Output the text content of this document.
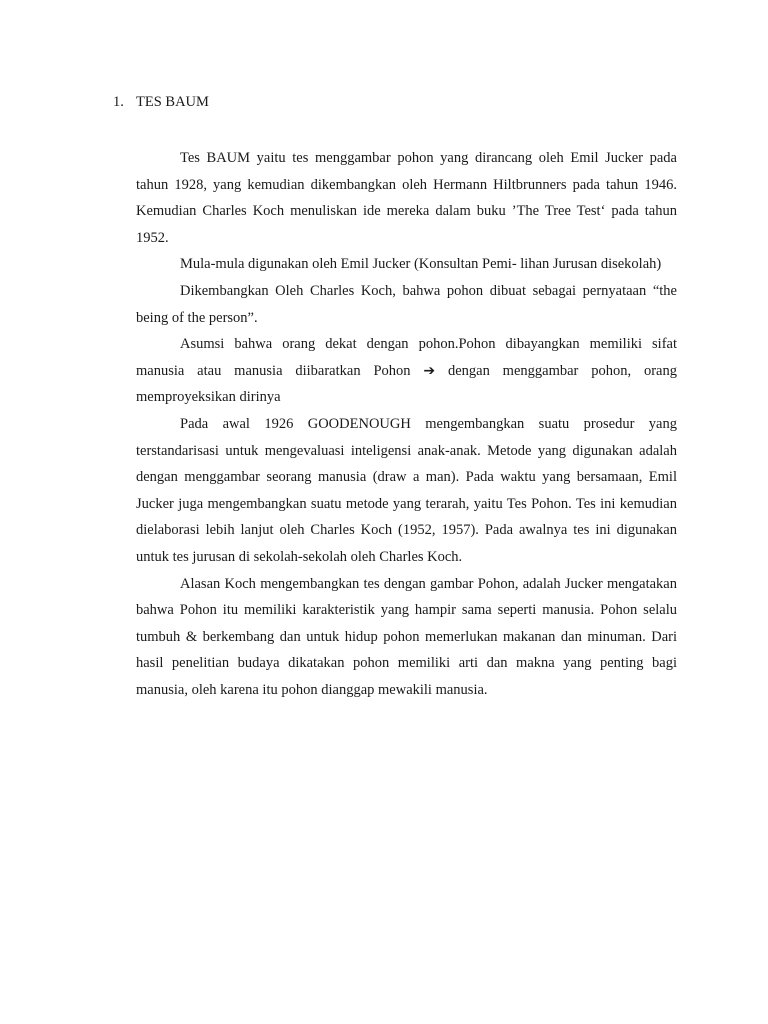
1. TES BAUM

Tes BAUM yaitu tes menggambar pohon yang dirancang oleh Emil Jucker pada tahun 1928, yang kemudian dikembangkan oleh Hermann Hiltbrunners pada tahun 1946. Kemudian Charles Koch menuliskan ide mereka dalam buku ’The Tree Test‘ pada tahun 1952.

Mula-mula digunakan oleh Emil Jucker (Konsultan Pemi- lihan Jurusan disekolah)

Dikembangkan Oleh Charles Koch, bahwa pohon dibuat sebagai pernyataan “the being of the person”.

Asumsi bahwa orang dekat dengan pohon.Pohon dibayangkan memiliki sifat manusia atau manusia diibaratkan Pohon ➔ dengan menggambar pohon, orang memproyeksikan dirinya

Pada awal 1926 GOODENOUGH mengembangkan suatu prosedur yang terstandarisasi untuk mengevaluasi inteligensi anak-anak. Metode yang digunakan adalah dengan menggambar seorang manusia (draw a man). Pada waktu yang bersamaan, Emil Jucker juga mengembangkan suatu metode yang terarah, yaitu Tes Pohon. Tes ini kemudian dielaborasi lebih lanjut oleh Charles Koch (1952, 1957). Pada awalnya tes ini digunakan untuk tes jurusan di sekolah-sekolah oleh Charles Koch.

Alasan Koch mengembangkan tes dengan gambar Pohon, adalah Jucker mengatakan bahwa Pohon itu memiliki karakteristik yang hampir sama seperti manusia. Pohon selalu tumbuh & berkembang dan untuk hidup pohon memerlukan makanan dan minuman. Dari hasil penelitian budaya dikatakan pohon memiliki arti dan makna yang penting bagi manusia, oleh karena itu pohon dianggap mewakili manusia.
